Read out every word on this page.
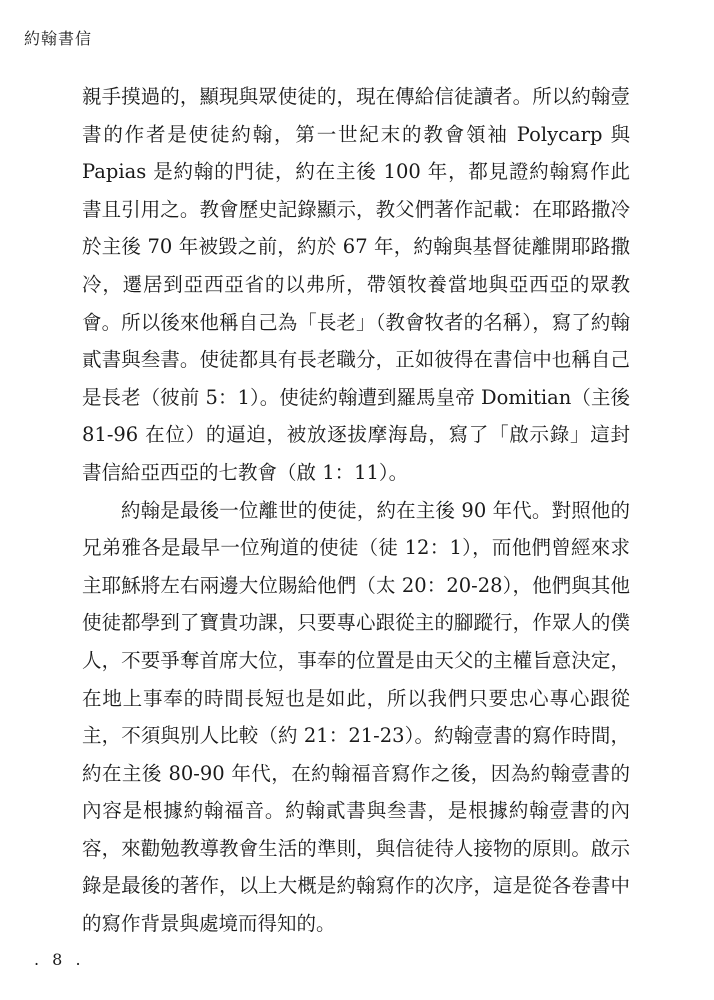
約翰書信

親手摸過的，顯現與眾使徒的，現在傳給信徒讀者。所以約翰壹書的作者是使徒約翰，第一世紀末的教會領袖 Polycarp 與 Papias 是約翰的門徒，約在主後 100 年，都見證約翰寫作此書且引用之。教會歷史記錄顯示，教父們著作記載：在耶路撒冷於主後 70 年被毀之前，約於 67 年，約翰與基督徒離開耶路撒冷，遷居到亞西亞省的以弗所，帶領牧養當地與亞西亞的眾教會。所以後來他稱自己為「長老」（教會牧者的名稱），寫了約翰貳書與叁書。使徒都具有長老職分，正如彼得在書信中也稱自己是長老（彼前 5：1）。使徒約翰遭到羅馬皇帝 Domitian（主後 81-96 在位）的逼迫，被放逐拔摩海島，寫了「啟示錄」這封書信給亞西亞的七教會（啟 1：11）。

約翰是最後一位離世的使徒，約在主後 90 年代。對照他的兄弟雅各是最早一位殉道的使徒（徒 12：1），而他們曾經來求主耶穌將左右兩邊大位賜給他們（太 20：20-28），他們與其他使徒都學到了寶貴功課，只要專心跟從主的腳蹤行，作眾人的僕人，不要爭奪首席大位，事奉的位置是由天父的主權旨意決定，在地上事奉的時間長短也是如此，所以我們只要忠心專心跟從主，不須與別人比較（約 21：21-23）。約翰壹書的寫作時間，約在主後 80-90 年代，在約翰福音寫作之後，因為約翰壹書的內容是根據約翰福音。約翰貳書與叁書，是根據約翰壹書的內容，來勸勉教導教會生活的準則，與信徒待人接物的原則。啟示錄是最後的著作，以上大概是約翰寫作的次序，這是從各卷書中的寫作背景與處境而得知的。

. 8 .
